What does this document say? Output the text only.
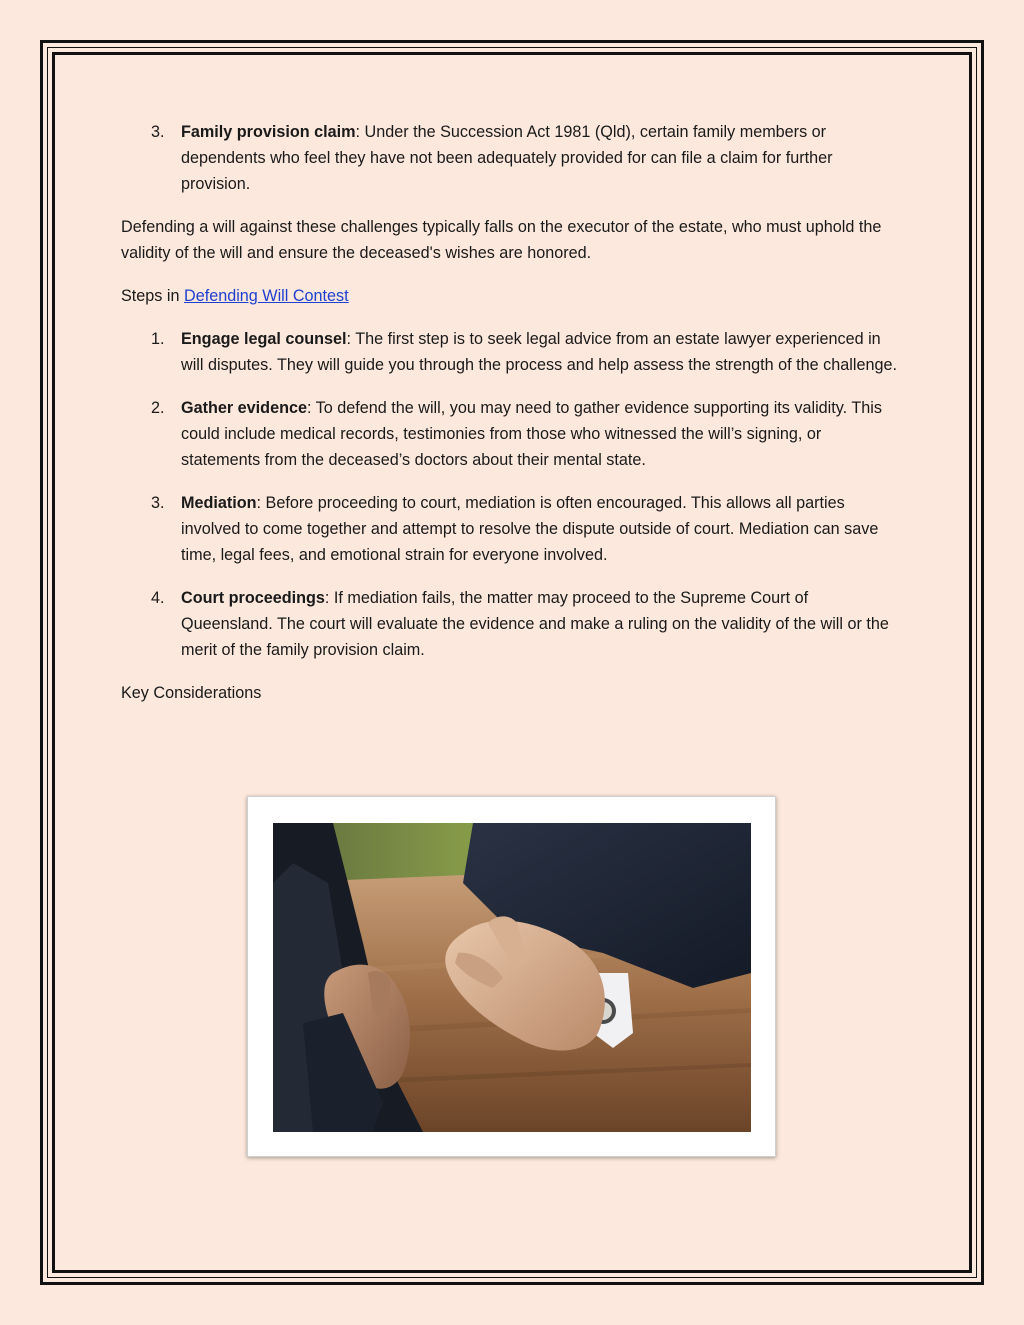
3. Family provision claim: Under the Succession Act 1981 (Qld), certain family members or dependents who feel they have not been adequately provided for can file a claim for further provision.

Defending a will against these challenges typically falls on the executor of the estate, who must uphold the validity of the will and ensure the deceased's wishes are honored.

Steps in Defending Will Contest

1. Engage legal counsel: The first step is to seek legal advice from an estate lawyer experienced in will disputes. They will guide you through the process and help assess the strength of the challenge.
2. Gather evidence: To defend the will, you may need to gather evidence supporting its validity. This could include medical records, testimonies from those who witnessed the will’s signing, or statements from the deceased’s doctors about their mental state.
3. Mediation: Before proceeding to court, mediation is often encouraged. This allows all parties involved to come together and attempt to resolve the dispute outside of court. Mediation can save time, legal fees, and emotional strain for everyone involved.
4. Court proceedings: If mediation fails, the matter may proceed to the Supreme Court of Queensland. The court will evaluate the evidence and make a ruling on the validity of the will or the merit of the family provision claim.

Key Considerations
